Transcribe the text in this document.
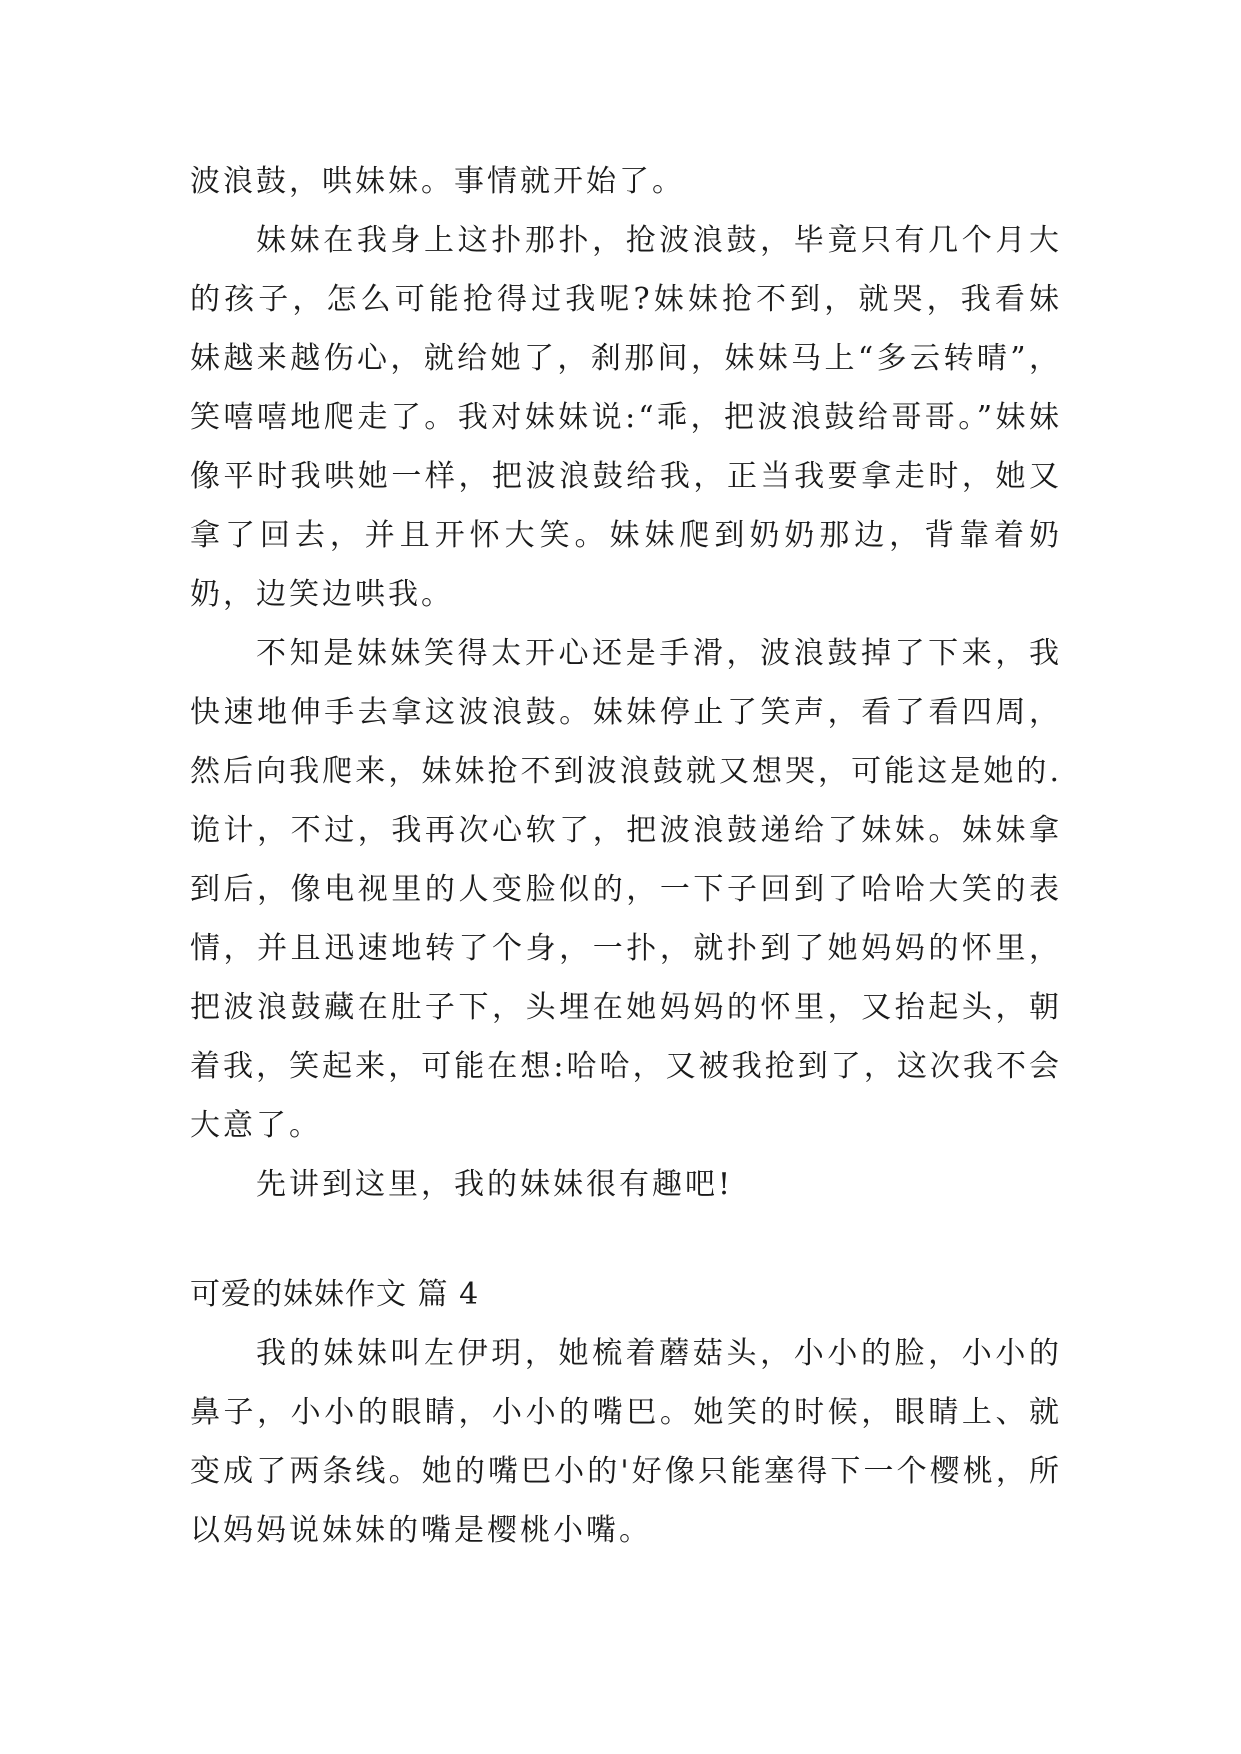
波浪鼓，哄妹妹。事情就开始了。

妹妹在我身上这扑那扑，抢波浪鼓，毕竟只有几个月大的孩子，怎么可能抢得过我呢?妹妹抢不到，就哭，我看妹妹越来越伤心，就给她了，刹那间，妹妹马上“多云转晴”，笑嘻嘻地爬走了。我对妹妹说:“乖，把波浪鼓给哥哥。”妹妹像平时我哄她一样，把波浪鼓给我，正当我要拿走时，她又拿了回去，并且开怀大笑。妹妹爬到奶奶那边，背靠着奶奶，边笑边哄我。

不知是妹妹笑得太开心还是手滑，波浪鼓掉了下来，我快速地伸手去拿这波浪鼓。妹妹停止了笑声，看了看四周，然后向我爬来，妹妹抢不到波浪鼓就又想哭，可能这是她的.诡计，不过，我再次心软了，把波浪鼓递给了妹妹。妹妹拿到后，像电视里的人变脸似的，一下子回到了哈哈大笑的表情，并且迅速地转了个身，一扑，就扑到了她妈妈的怀里，把波浪鼓藏在肚子下，头埋在她妈妈的怀里，又抬起头，朝着我，笑起来，可能在想:哈哈，又被我抢到了，这次我不会大意了。

先讲到这里，我的妹妹很有趣吧!

可爱的妹妹作文 篇 4

我的妹妹叫左伊玥，她梳着蘑菇头，小小的脸，小小的鼻子，小小的眼睛，小小的嘴巴。她笑的时候，眼睛上、就变成了两条线。她的嘴巴小的'好像只能塞得下一个樱桃，所以妈妈说妹妹的嘴是樱桃小嘴。
